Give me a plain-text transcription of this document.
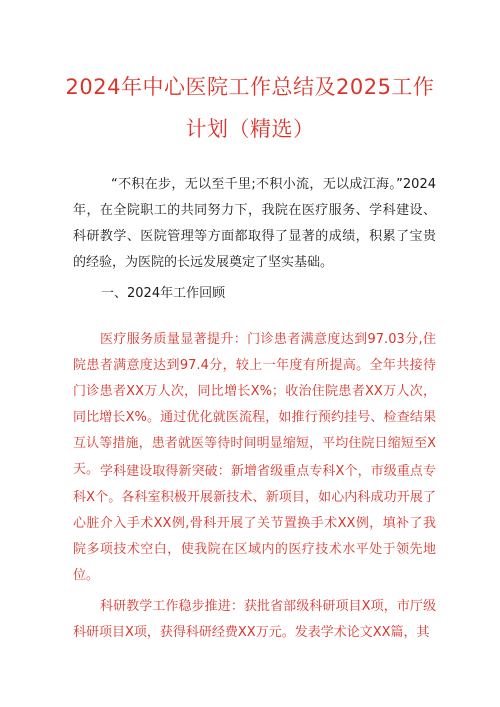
2024年中心医院工作总结及2025工作
计划（精选）

“不积在步，无以至千里;不积小流，无以成江海。”2024年，在全院职工的共同努力下，我院在医疗服务、学科建设、科研教学、医院管理等方面都取得了显著的成绩，积累了宝贵的经验，为医院的长远发展奠定了坚实基础。

一、2024年工作回顾

医疗服务质量显著提升：门诊患者满意度达到97.03分,住院患者满意度达到97.4分，较上一年度有所提高。全年共接待门诊患者XX万人次，同比增长X%；收治住院患者XX万人次，同比增长X%。通过优化就医流程，如推行预约挂号、检查结果互认等措施，患者就医等待时间明显缩短，平均住院日缩短至X天。 学科建设取得新突破：新增省级重点专科X个，市级重点专科X个。各科室积极开展新技术、新项目，如心内科成功开展了心脏介入手术XX例,骨科开展了关节置换手术XX例，填补了我院多项技术空白，使我院在区域内的医疗技术水平处于领先地位。

科研教学工作稳步推进：获批省部级科研项目X项，市厅级科研项目X项，获得科研经费XX万元。发表学术论文XX篇，其
